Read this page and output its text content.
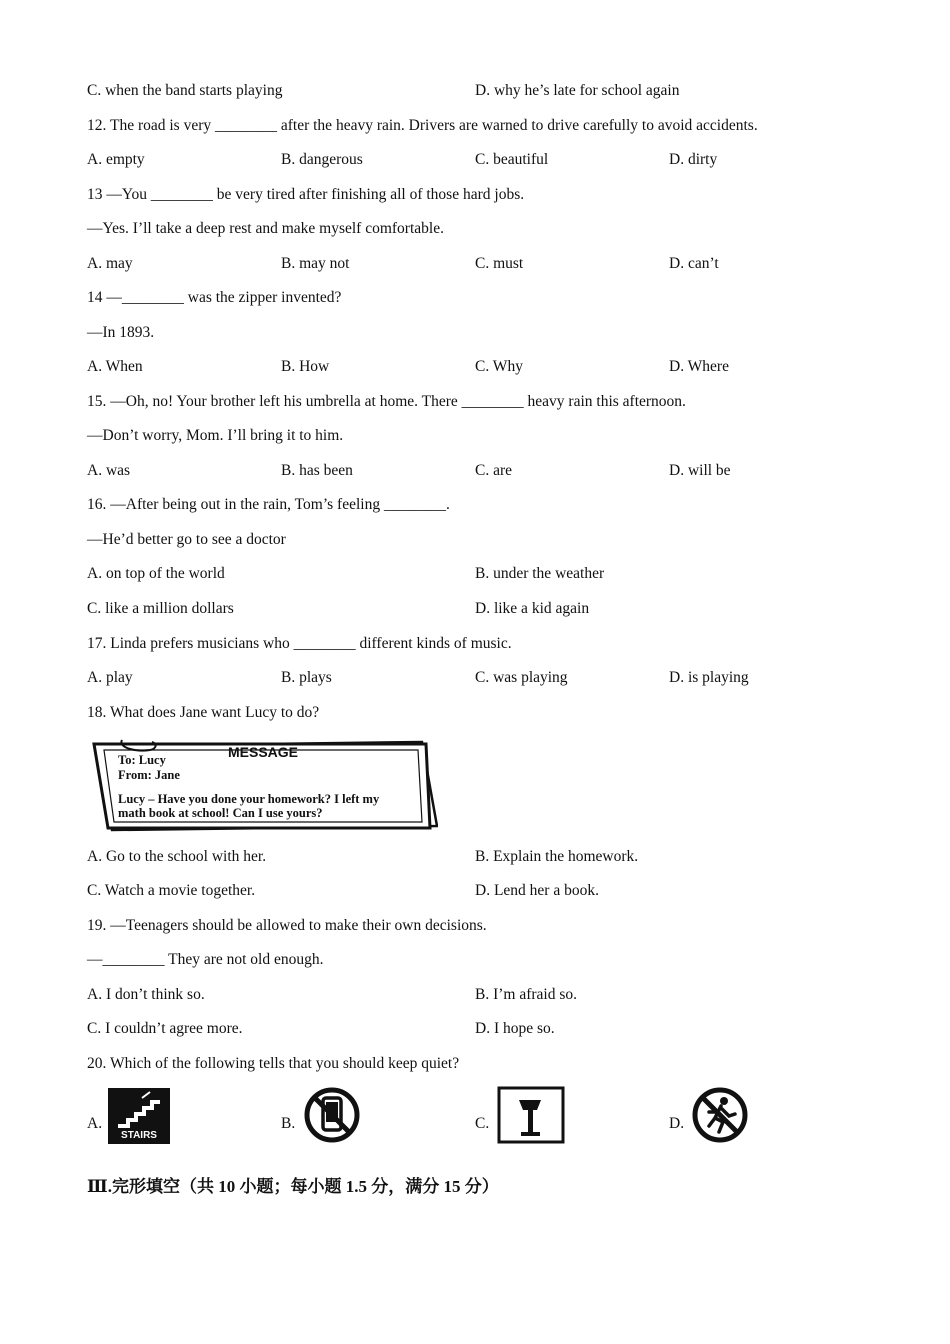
C. when the band starts playing	D. why he’s late for school again
12. The road is very ________ after the heavy rain. Drivers are warned to drive carefully to avoid accidents.
A. empty	B. dangerous	C. beautiful	D. dirty
13 —You ________ be very tired after finishing all of those hard jobs.
—Yes. I’ll take a deep rest and make myself comfortable.
A. may	B. may not	C. must	D. can’t
14 —________ was the zipper invented?
—In 1893.
A. When	B. How	C. Why	D. Where
15. —Oh, no! Your brother left his umbrella at home. There ________ heavy rain this afternoon.
—Don’t worry, Mom. I’ll bring it to him.
A. was	B. has been	C. are	D. will be
16. —After being out in the rain, Tom’s feeling ________.
—He’d better go to see a doctor
A. on top of the world	B. under the weather
C. like a million dollars	D. like a kid again
17. Linda prefers musicians who ________ different kinds of music.
A. play	B. plays	C. was playing	D. is playing
18. What does Jane want Lucy to do?
MESSAGE
To: Lucy
From: Jane
Lucy – Have you done your homework? I left my
math book at school! Can I use yours?
A. Go to the school with her.	B. Explain the homework.
C. Watch a movie together.	D. Lend her a book.
19. —Teenagers should be allowed to make their own decisions.
—________ They are not old enough.
A. I don’t think so.	B. I’m afraid so.
C. I couldn’t agree more.	D. I hope so.
20. Which of the following tells that you should keep quiet?
A.
STAIRS
B.	C.	D.
Ⅲ.完形填空（共 10 小题；每小题 1.5 分，满分 15 分）
